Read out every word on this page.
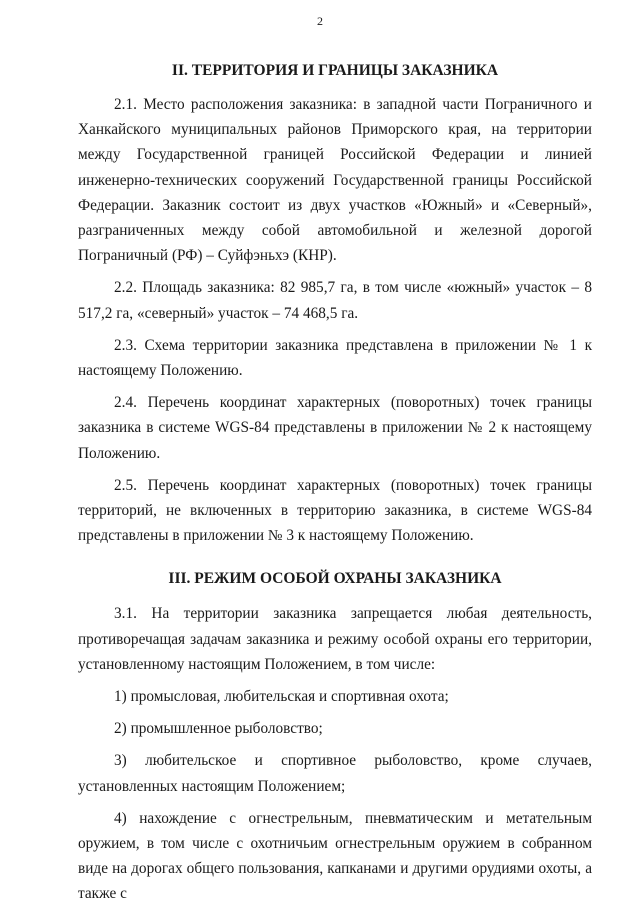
2
II. ТЕРРИТОРИЯ И ГРАНИЦЫ ЗАКАЗНИКА

2.1. Место расположения заказника: в западной части Пограничного и Ханкайского муниципальных районов Приморского края, на территории между Государственной границей Российской Федерации и линией инженерно-технических сооружений Государственной границы Российской Федерации. Заказник состоит из двух участков «Южный» и «Северный», разграниченных между собой автомобильной и железной дорогой Пограничный (РФ) – Суйфэньхэ (КНР).

2.2. Площадь заказника: 82 985,7 га, в том числе «южный» участок – 8 517,2 га, «северный» участок – 74 468,5 га.

2.3. Схема территории заказника представлена в приложении № 1 к настоящему Положению.

2.4. Перечень координат характерных (поворотных) точек границы заказника в системе WGS-84 представлены в приложении № 2 к настоящему Положению.

2.5. Перечень координат характерных (поворотных) точек границы территорий, не включенных в территорию заказника, в системе WGS-84 представлены в приложении № 3 к настоящему Положению.

III. РЕЖИМ ОСОБОЙ ОХРАНЫ ЗАКАЗНИКА

3.1. На территории заказника запрещается любая деятельность, противоречащая задачам заказника и режиму особой охраны его территории, установленному настоящим Положением, в том числе:

1) промысловая, любительская и спортивная охота;

2) промышленное рыболовство;

3) любительское и спортивное рыболовство, кроме случаев, установленных настоящим Положением;

4) нахождение с огнестрельным, пневматическим и метательным оружием, в том числе с охотничьим огнестрельным оружием в собранном виде на дорогах общего пользования, капканами и другими орудиями охоты, а также с
